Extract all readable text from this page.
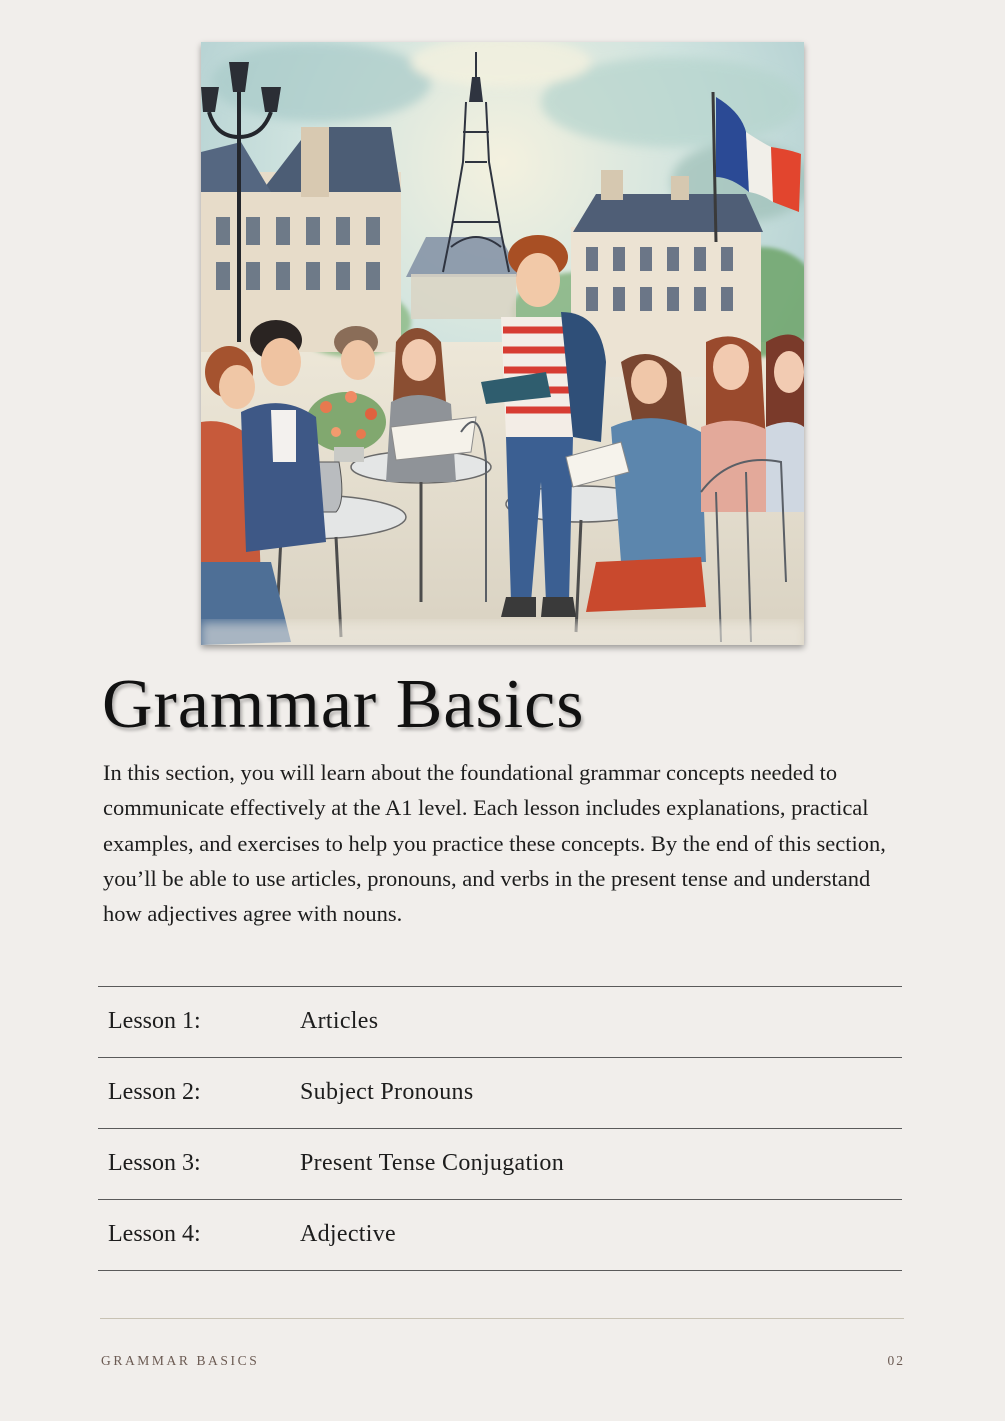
Grammar Basics

In this section, you will learn about the foundational grammar concepts needed to communicate effectively at the A1 level. Each lesson includes explanations, practical examples, and exercises to help you practice these concepts. By the end of this section, you’ll be able to use articles, pronouns, and verbs in the present tense and understand how adjectives agree with nouns.

Lesson 1:	Articles
Lesson 2:	Subject Pronouns
Lesson 3:	Present Tense Conjugation
Lesson 4:	Adjective
GRAMMAR BASICS	02
